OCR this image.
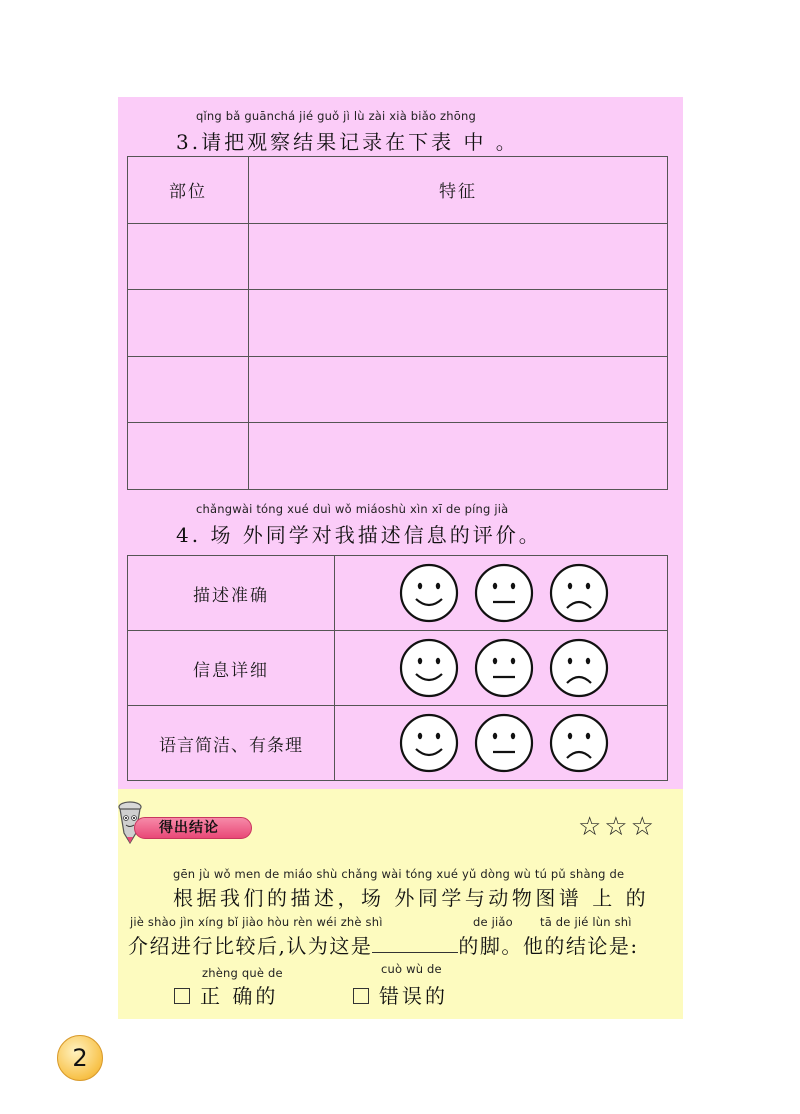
qǐng bǎ guānchá jié guǒ jì lù zài xià biǎo zhōng
3.请把观察结果记录在下表 中 。
部位	特征

chǎngwài tóng xué duì wǒ miáoshù xìn xī de píng jià
4. 场 外同学对我描述信息的评价。
描述准确	

信息详细	

语言简洁、有条理	
得出结论	☆☆☆
gēn jù wǒ men de miáo shù chǎng wài tóng xué yǔ dòng wù tú pǔ shàng de
根据我们的描述，场 外同学与动物图谱 上 的
jiè shào jìn xíng bǐ jiào hòu rèn wéi zhè shì	de jiǎo tā de jié lùn shì
介绍进行比较后,认为这是	的脚。他的结论是:
zhèng què de	cuò wù de
正 确的	错误的
2
